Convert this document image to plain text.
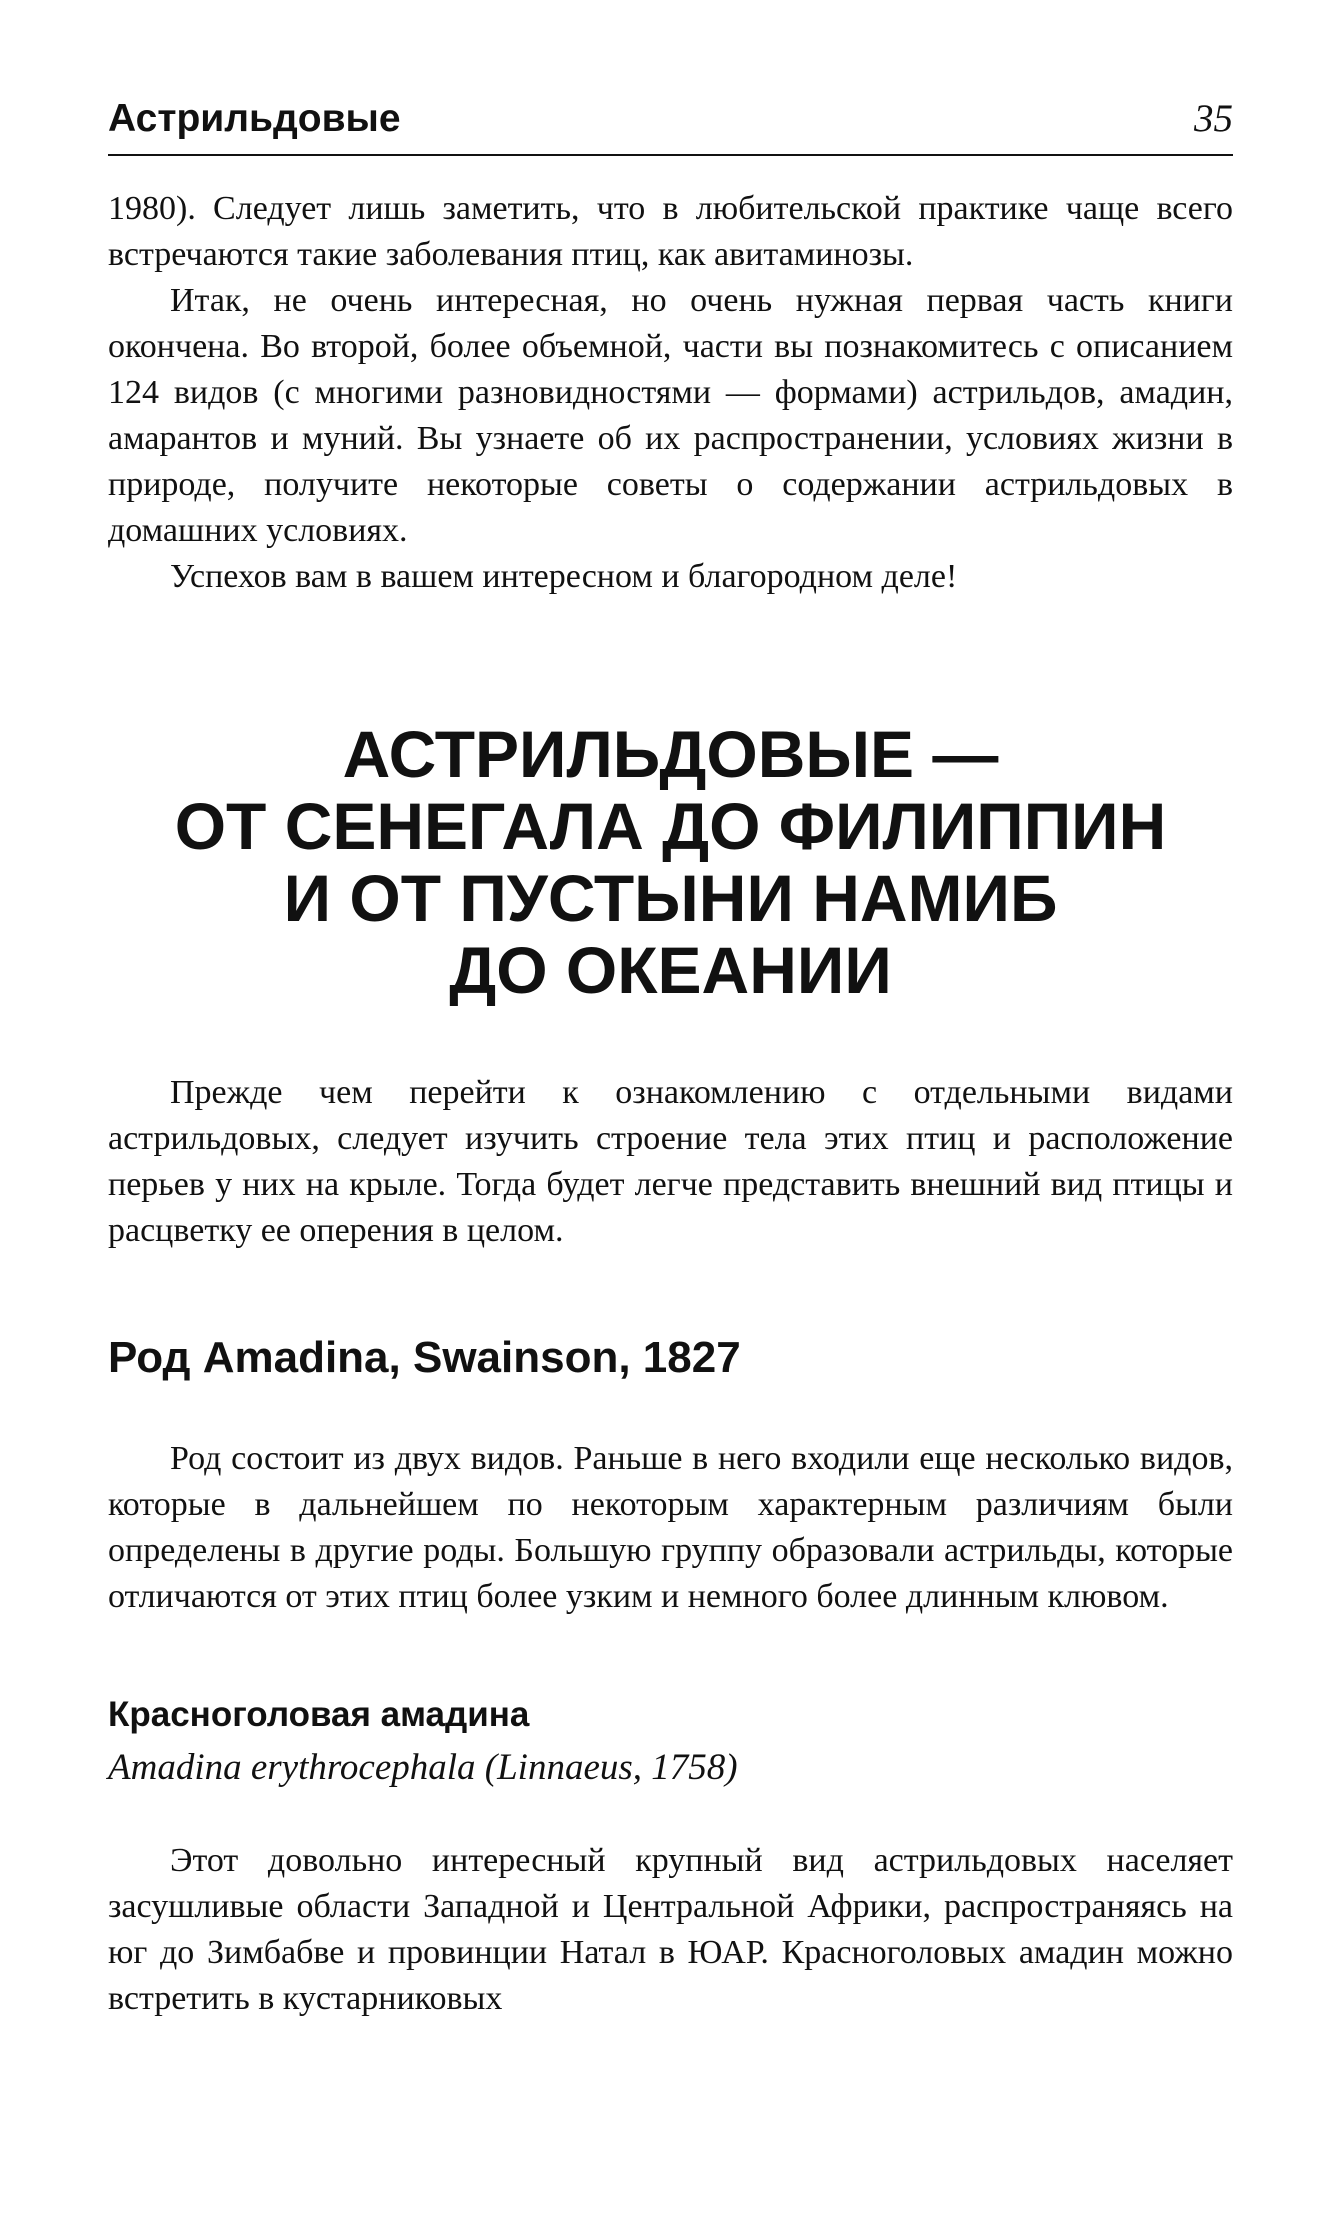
Астрильдовые	35

1980). Следует лишь заметить, что в любительской практике чаще всего встречаются такие заболевания птиц, как авитаминозы.

Итак, не очень интересная, но очень нужная первая часть книги окончена. Во второй, более объемной, части вы познакомитесь с описанием 124 видов (с многими разновидностями — формами) астрильдов, амадин, амарантов и муний. Вы узнаете об их распространении, условиях жизни в природе, получите некоторые советы о содержании астрильдовых в домашних условиях.

Успехов вам в вашем интересном и благородном деле!

АСТРИЛЬДОВЫЕ —
ОТ СЕНЕГАЛА ДО ФИЛИППИН
И ОТ ПУСТЫНИ НАМИБ
ДО ОКЕАНИИ

Прежде чем перейти к ознакомлению с отдельными видами астрильдовых, следует изучить строение тела этих птиц и расположение перьев у них на крыле. Тогда будет легче представить внешний вид птицы и расцветку ее оперения в целом.

Род Amadina, Swainson, 1827

Род состоит из двух видов. Раньше в него входили еще несколько видов, которые в дальнейшем по некоторым характерным различиям были определены в другие роды. Большую группу образовали астрильды, которые отличаются от этих птиц более узким и немного более длинным клювом.

Красноголовая амадина
Amadina erythrocephala (Linnaeus, 1758)

Этот довольно интересный крупный вид астрильдовых населяет засушливые области Западной и Центральной Африки, распространяясь на юг до Зимбабве и провинции Натал в ЮАР. Красноголовых амадин можно встретить в кустарниковых
